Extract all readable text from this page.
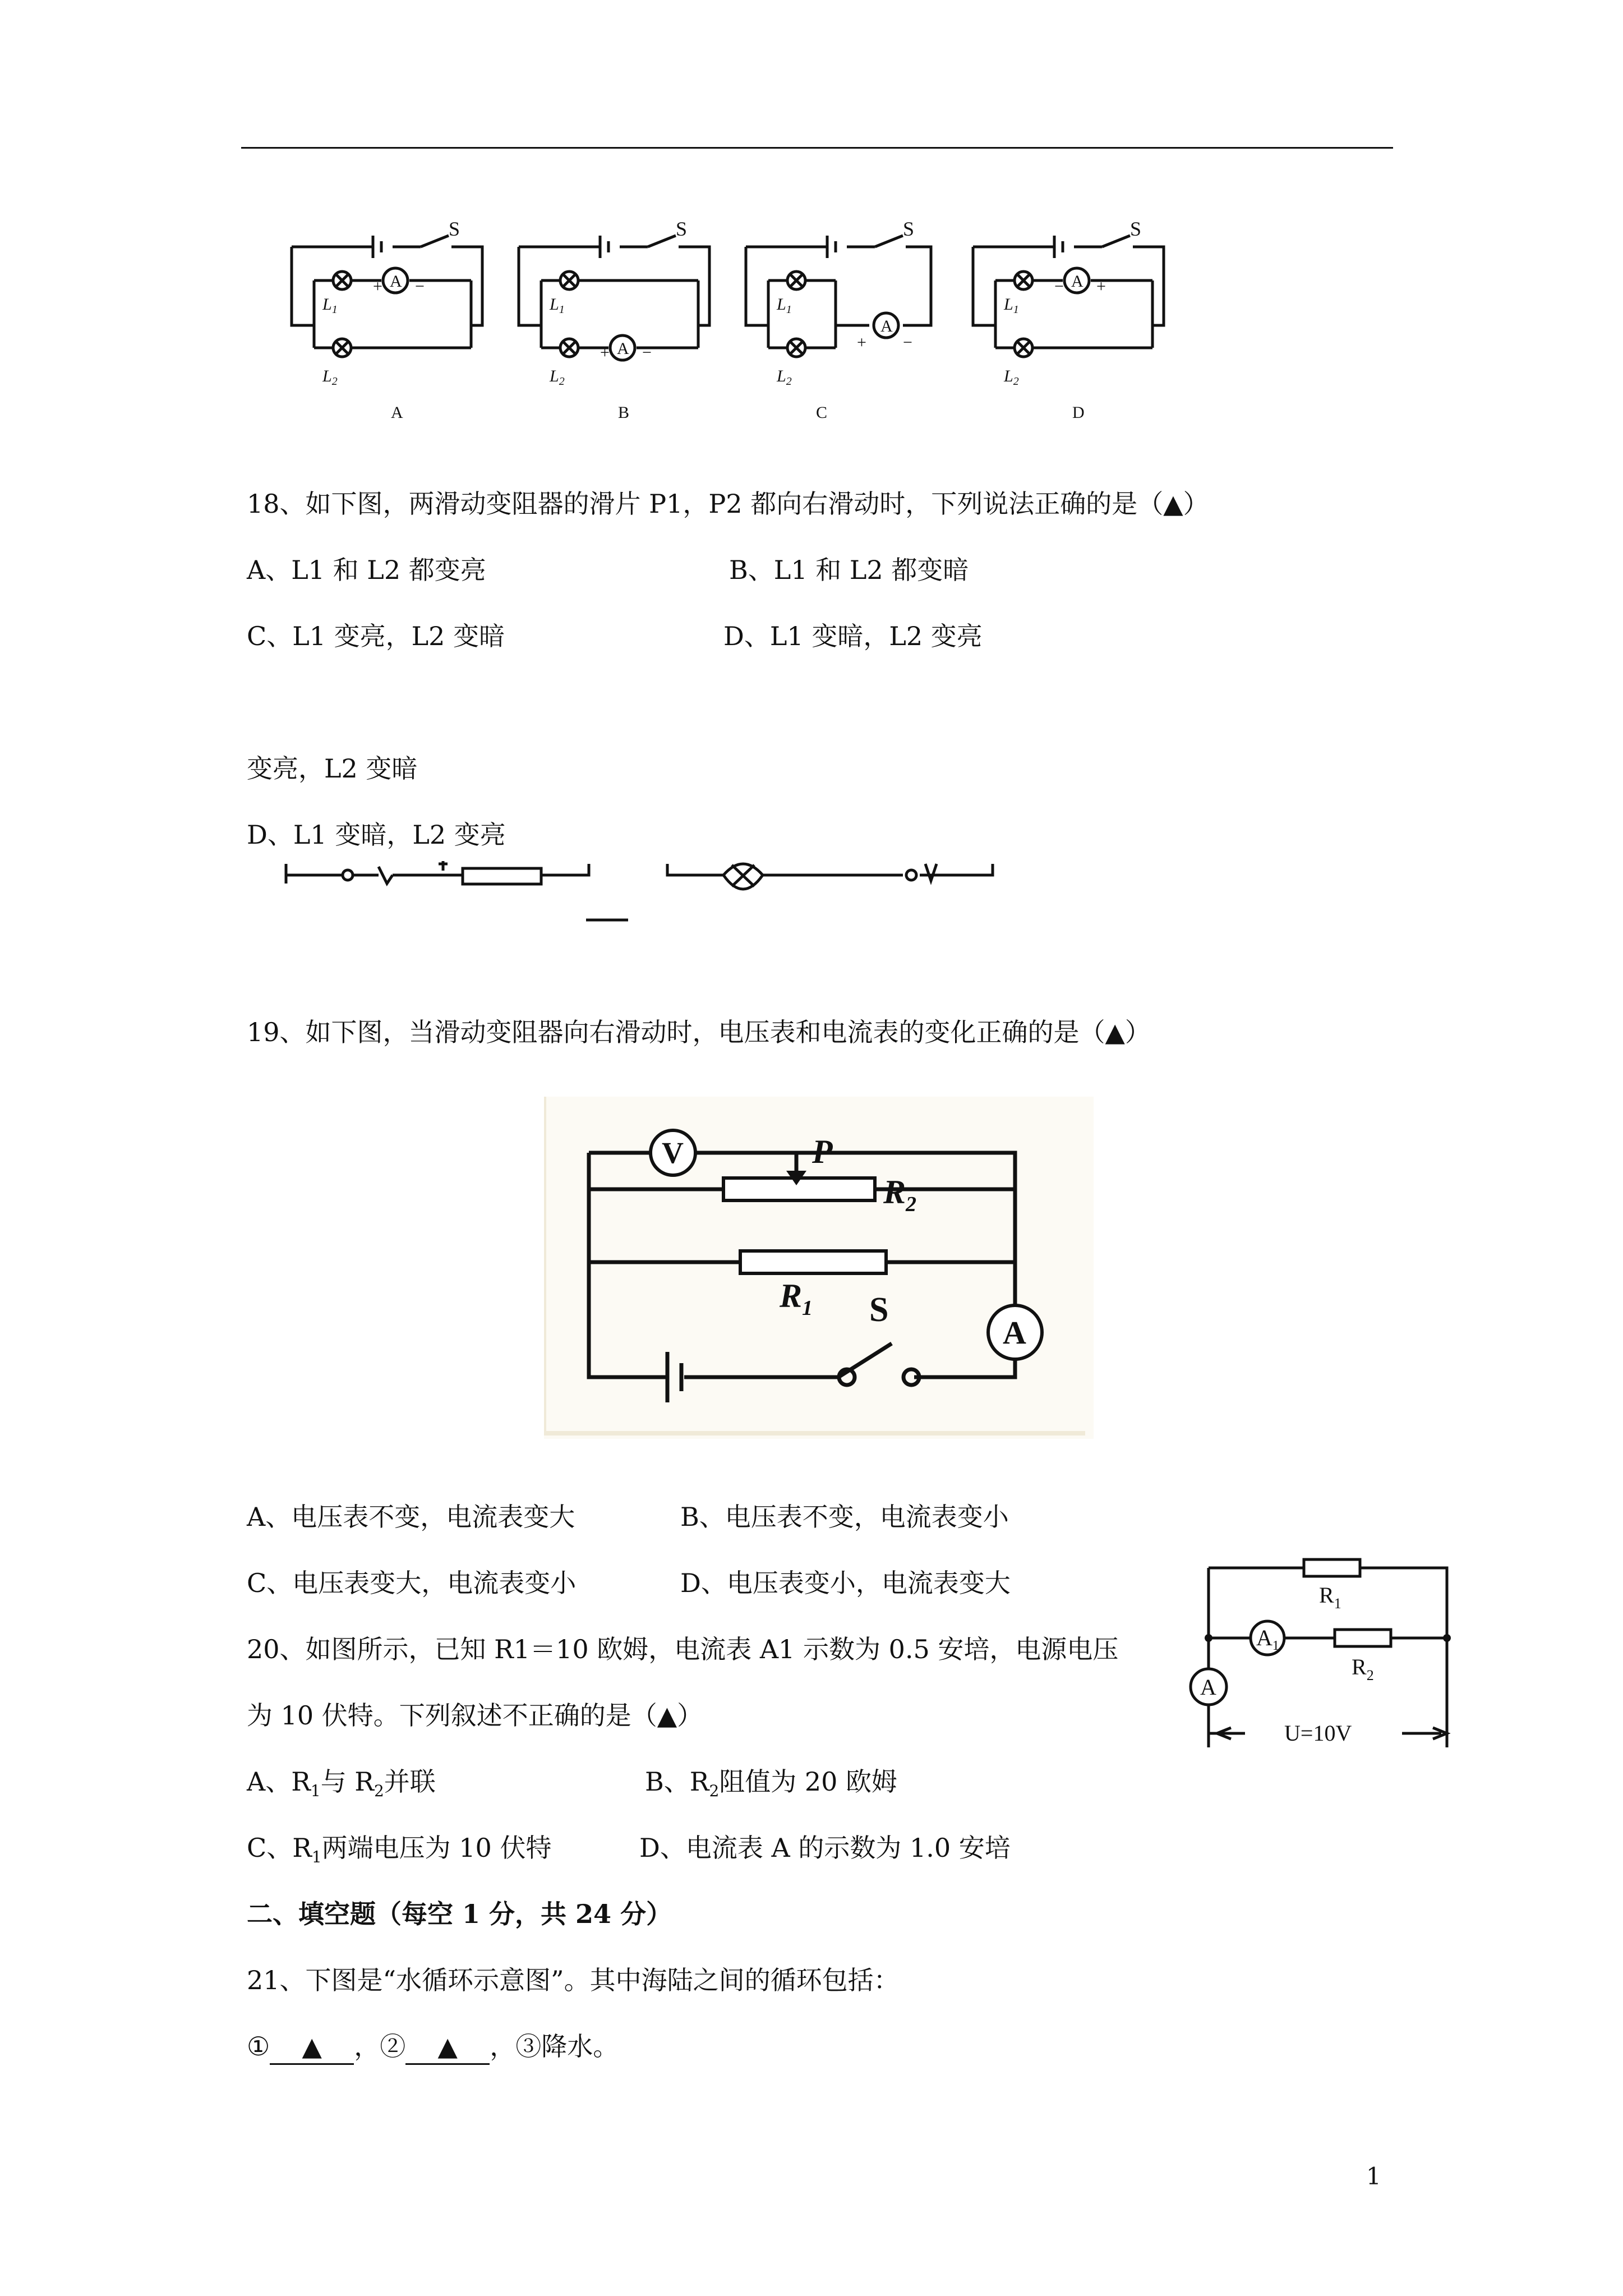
A
S
+ −
$L_1$
$L_2$
A
A
S
+ −
$L_1$
$L_2$
B
A
S
+ −
$L_1$
$L_2$
C
A
S
− +
$L_1$
$L_2$
D
18、如下图，两滑动变阻器的滑片 P1，P2 都向右滑动时，下列说法正确的是（▲）
A、L1 和 L2 都变亮	B、L1 和 L2 都变暗
C、L1 变亮，L2 变暗	D、L1 变暗，L2 变亮
变亮，L2 变暗
D、L1 变暗，L2 变亮
19、如下图，当滑动变阻器向右滑动时，电压表和电流表的变化正确的是（▲）
V
A
P
$R_2$
$R_1$ S
A、电压表不变，电流表变大	B、电压表不变，电流表变小
C、电压表变大，电流表变小	D、电压表变小，电流表变大
20、如图所示，已知 R1＝10 欧姆，电流表 A1 示数为 0.5 安培，电源电压
为 10 伏特。下列叙述不正确的是（▲）
A、$R_1$与 $R_2$并联	B、$R_2$阻值为 20 欧姆
C、$R_1$两端电压为 10 伏特	D、电流表 A 的示数为 1.0 安培
$R_1$
$R_2$
$A_1$
A
U=10V
二、填空题（每空 1 分，共 24 分）
21、下图是“水循环示意图”。其中海陆之间的循环包括：
① ▲ ，② ▲ ，③降水。
1
